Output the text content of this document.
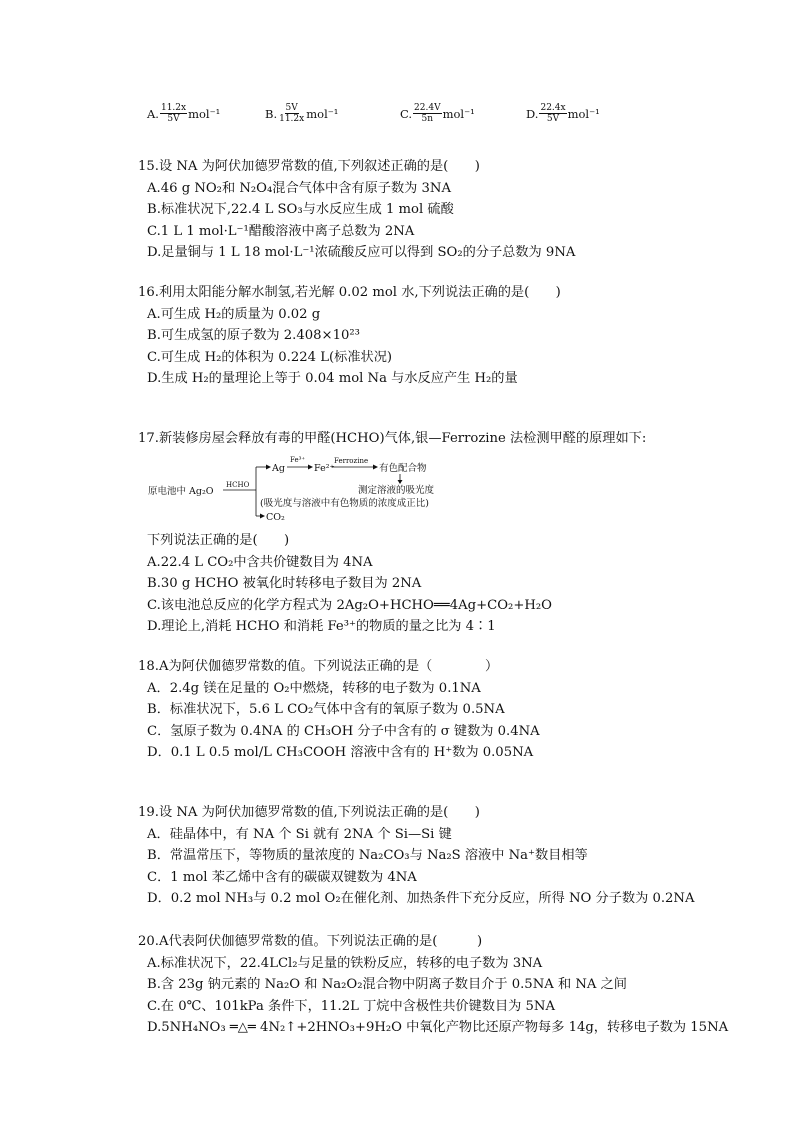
A. $\frac{11.2x}{5V} mol^{-1}$	B. $\frac{5V}{11.2x} mol^{-1}$	C. $\frac{22.4V}{5n} mol^{-1}$	D. $\frac{22.4x}{5V} mol^{-1}$
15.设 NA 为阿伏加德罗常数的值,下列叙述正确的是(　　)
A.46 g NO₂和 N₂O₄混合气体中含有原子数为 3NA
B.标准状况下,22.4 L SO₃与水反应生成 1 mol 硫酸
C.1 L 1 mol·L⁻¹醋酸溶液中离子总数为 2NA
D.足量铜与 1 L 18 mol·L⁻¹浓硫酸反应可以得到 SO₂的分子总数为 9NA
16.利用太阳能分解水制氢,若光解 0.02 mol 水,下列说法正确的是(　　)
A.可生成 H₂的质量为 0.02 g
B.可生成氢的原子数为 2.408×10²³
C.可生成 H₂的体积为 0.224 L(标准状况)
D.生成 H₂的量理论上等于 0.04 mol Na 与水反应产生 H₂的量
17.新装修房屋会释放有毒的甲醛(HCHO)气体,银—Ferrozine 法检测甲醛的原理如下:
原电池中 Ag₂O
HCHO
Ag
Fe³⁺
Fe²⁺
Ferrozine
有色配合物
测定溶液的吸光度
(吸光度与溶液中有色物质的浓度成正比)
CO₂
下列说法正确的是(　　)
A.22.4 L CO₂中含共价键数目为 4NA
B.30 g HCHO 被氧化时转移电子数目为 2NA
C.该电池总反应的化学方程式为 2Ag₂O+HCHO══4Ag+CO₂+H₂O
D.理论上,消耗 HCHO 和消耗 Fe³⁺的物质的量之比为 4∶1
18.A为阿伏伽德罗常数的值。下列说法正确的是（　　　　）
A．2.4g 镁在足量的 O₂中燃烧，转移的电子数为 0.1NA
B．标准状况下，5.6 L CO₂气体中含有的氧原子数为 0.5NA
C．氢原子数为 0.4NA 的 CH₃OH 分子中含有的 σ 键数为 0.4NA
D．0.1 L 0.5 mol/L CH₃COOH 溶液中含有的 H⁺数为 0.05NA
19.设 NA 为阿伏加德罗常数的值,下列说法正确的是(　　)
A．硅晶体中，有 NA 个 Si 就有 2NA 个 Si—Si 键
B．常温常压下，等物质的量浓度的 Na₂CO₃与 Na₂S 溶液中 Na⁺数目相等
C．1 mol 苯乙烯中含有的碳碳双键数为 4NA
D．0.2 mol NH₃与 0.2 mol O₂在催化剂、加热条件下充分反应，所得 NO 分子数为 0.2NA
20.A代表阿伏伽德罗常数的值。下列说法正确的是(　　　)
A.标准状况下，22.4LCl₂与足量的铁粉反应，转移的电子数为 3NA
B.含 23g 钠元素的 Na₂O 和 Na₂O₂混合物中阴离子数目介于 0.5NA 和 NA 之间
C.在 0℃、101kPa 条件下，11.2L 丁烷中含极性共价键数目为 5NA
D.5NH₄NO₃ ═△═ 4N₂↑+2HNO₃+9H₂O 中氧化产物比还原产物每多 14g，转移电子数为 15NA
